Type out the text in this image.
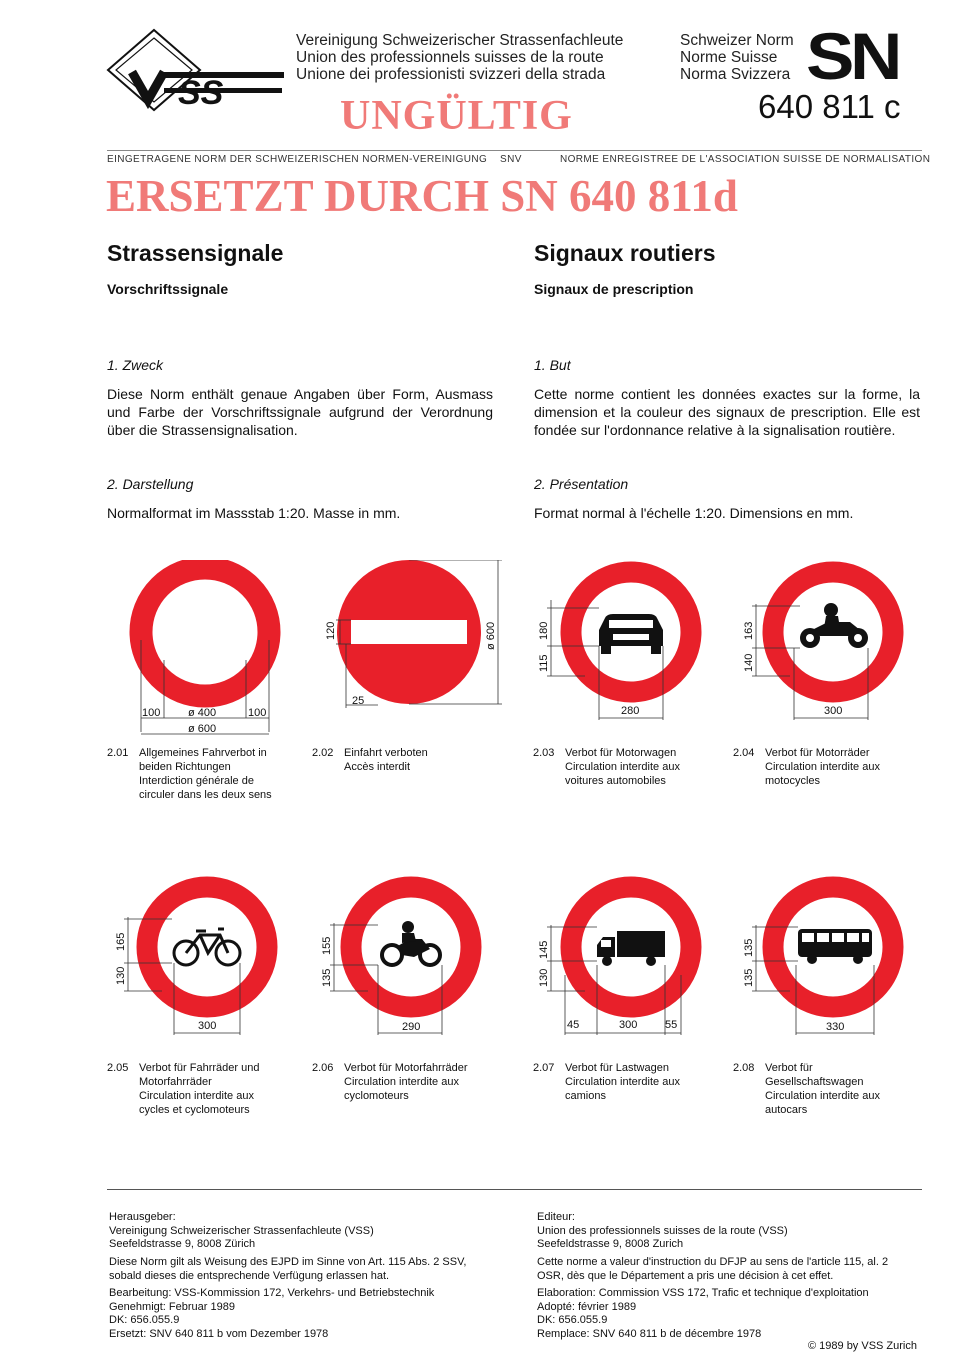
Vereinigung Schweizerischer Strassenfachleute
Union des professionnels suisses de la route
Unione dei professionisti svizzeri della strada
Schweizer Norm
Norme Suisse
Norma Svizzera SN
640 811 c
UNGÜLTIG
EINGETRAGENE NORM DER SCHWEIZERISCHEN NORMEN-VEREINIGUNG SNV	NORME ENREGISTREE DE L'ASSOCIATION SUISSE DE NORMALISATION
ERSETZT DURCH SN 640 811d
Strassensignale
Vorschriftssignale
Signaux routiers
Signaux de prescription
1. Zweck
Diese Norm enthält genaue Angaben über Form, Ausmass und Farbe der Vorschriftssignale aufgrund der Verordnung über die Strassensignalisation.
1. But
Cette norme contient les données exactes sur la forme, la dimension et la couleur des signaux de prescription. Elle est fondée sur l'ordonnance relative à la signalisation routière.
2. Darstellung
Normalformat im Massstab 1:20. Masse in mm.
2. Présentation
Format normal à l'échelle 1:20. Dimensions en mm.
100	ø 400	100
ø 600
120
25
ø 600	180
115
280
163
140
300
2.01 Allgemeines Fahrverbot in
beiden Richtungen
Interdiction générale de
circuler dans les deux sens
2.02 Einfahrt verboten
Accès interdit
2.03 Verbot für Motorwagen
Circulation interdite aux
voitures automobiles
2.04 Verbot für Motorräder
Circulation interdite aux
motocycles
165
130
300
155
135
290
145
130
45	300	55
135
135
330
2.05 Verbot für Fahrräder und
Motorfahrräder
Circulation interdite aux
cycles et cyclomoteurs
2.06 Verbot für Motorfahrräder
Circulation interdite aux
cyclomoteurs
2.07 Verbot für Lastwagen
Circulation interdite aux
camions
2.08 Verbot für
Gesellschaftswagen
Circulation interdite aux
autocars
Herausgeber:
Vereinigung Schweizerischer Strassenfachleute (VSS)
Seefeldstrasse 9, 8008 Zürich
Diese Norm gilt als Weisung des EJPD im Sinne von Art. 115 Abs. 2 SSV,
sobald dieses die entsprechende Verfügung erlassen hat.
Bearbeitung: VSS-Kommission 172, Verkehrs- und Betriebstechnik
Genehmigt: Februar 1989
DK: 656.055.9
Ersetzt: SNV 640 811 b vom Dezember 1978
Editeur:
Union des professionnels suisses de la route (VSS)
Seefeldstrasse 9, 8008 Zurich
Cette norme a valeur d'instruction du DFJP au sens de l'article 115, al. 2
OSR, dès que le Département a pris une décision à cet effet.
Elaboration: Commission VSS 172, Trafic et technique d'exploitation
Adopté: février 1989
DK: 656.055.9
Remplace: SNV 640 811 b de décembre 1978
© 1989 by VSS Zurich
